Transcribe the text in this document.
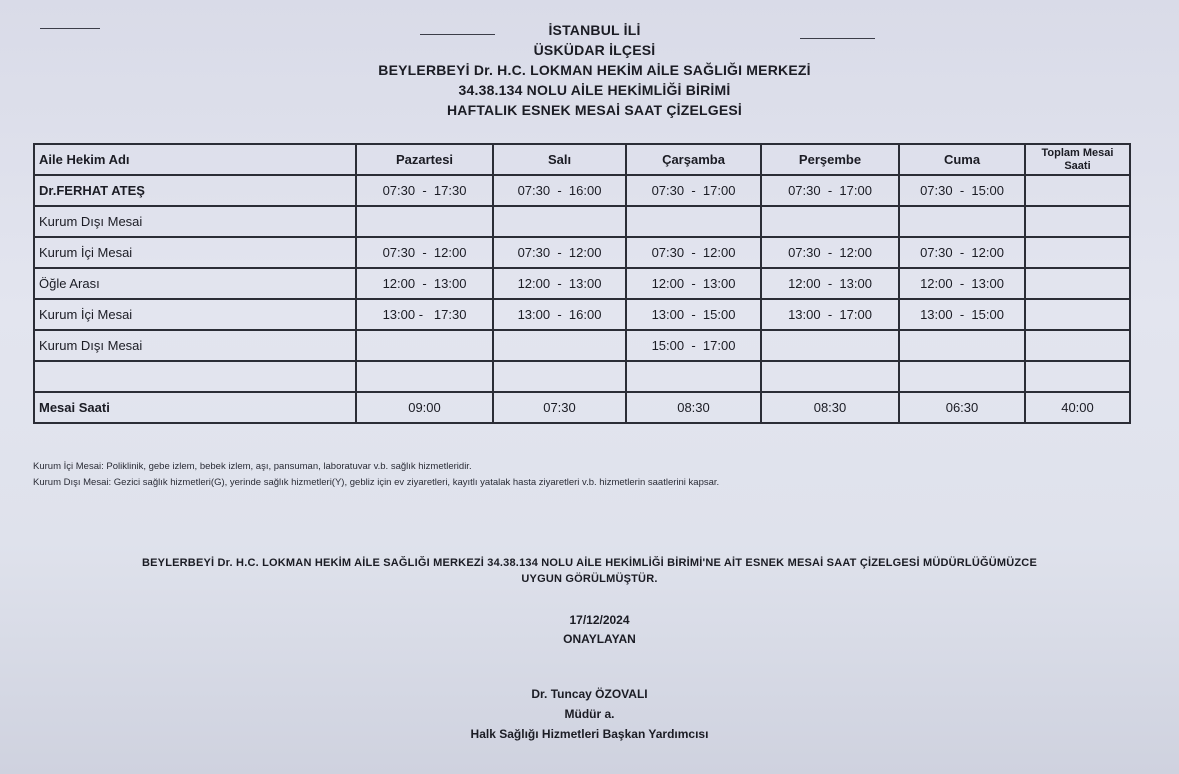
İSTANBUL İLİ
ÜSKÜDAR İLÇESİ
BEYLERBEYİ Dr. H.C. LOKMAN HEKİM AİLE SAĞLIĞI MERKEZİ
34.38.134 NOLU AİLE HEKİMLİĞİ BİRİMİ
HAFTALIK ESNEK MESAİ SAAT ÇİZELGESİ
Aile Hekim Adı	Pazartesi	Salı	Çarşamba	Perşembe	Cuma	Toplam Mesai Saati
Dr.FERHAT ATEŞ	07:30  -  17:30	07:30  -  16:00	07:30  -  17:00	07:30  -  17:00	07:30  -  15:00	
Kurum Dışı Mesai						
Kurum İçi Mesai	07:30  -  12:00	07:30  -  12:00	07:30  -  12:00	07:30  -  12:00	07:30  -  12:00	
Öğle Arası	12:00  -  13:00	12:00  -  13:00	12:00  -  13:00	12:00  -  13:00	12:00  -  13:00	
Kurum İçi Mesai	13:00 -   17:30	13:00  -  16:00	13:00  -  15:00	13:00  -  17:00	13:00  -  15:00	
Kurum Dışı Mesai			15:00  -  17:00			

Mesai Saati	09:00	07:30	08:30	08:30	06:30	40:00
Kurum İçi Mesai: Poliklinik, gebe izlem, bebek izlem, aşı, pansuman, laboratuvar v.b. sağlık hizmetleridir.
Kurum Dışı Mesai: Gezici sağlık hizmetleri(G), yerinde sağlık hizmetleri(Y), gebliz için ev ziyaretleri, kayıtlı yatalak hasta ziyaretleri v.b. hizmetlerin saatlerini kapsar.
BEYLERBEYİ Dr. H.C. LOKMAN HEKİM AİLE SAĞLIĞI MERKEZİ 34.38.134 NOLU AİLE HEKİMLİĞİ BİRİMİ'NE AİT ESNEK MESAİ SAAT ÇİZELGESİ MÜDÜRLÜĞÜMÜZCE
UYGUN GÖRÜLMÜŞTÜR.
17/12/2024
ONAYLAYAN
Dr. Tuncay ÖZOVALI
Müdür a.
Halk Sağlığı Hizmetleri Başkan Yardımcısı
